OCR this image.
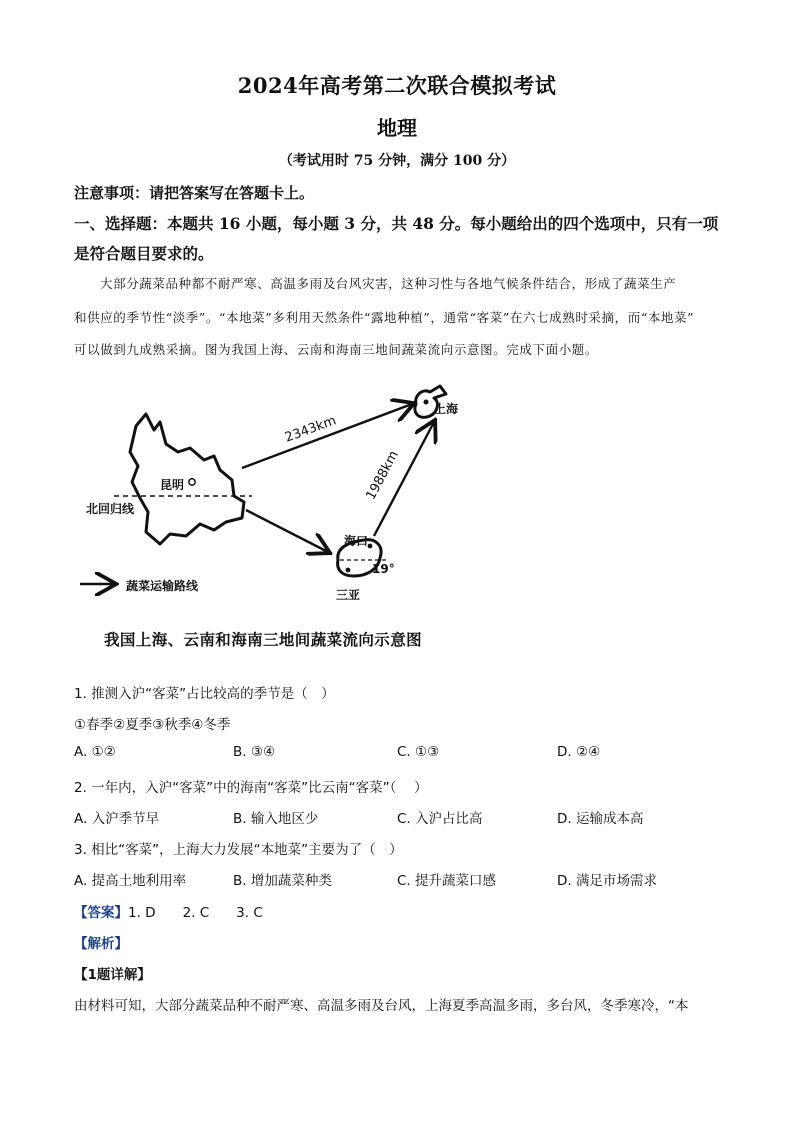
2024年高考第二次联合模拟考试
地理
（考试用时 75 分钟，满分 100 分）
注意事项：请把答案写在答题卡上。
一、选择题：本题共 16 小题，每小题 3 分，共 48 分。每小题给出的四个选项中，只有一项
是符合题目要求的。
大部分蔬菜品种都不耐严寒、高温多雨及台风灾害，这种习性与各地气候条件结合，形成了蔬菜生产
和供应的季节性“淡季”。“本地菜”多利用天然条件“露地种植”，通常“客菜”在六七成熟时采摘，而“本地菜”
可以做到九成熟采摘。图为我国上海、云南和海南三地间蔬菜流向示意图。完成下面小题。
上海
昆明
北回归线
海口
三亚
19°
2343km
1988km
蔬菜运输路线
我国上海、云南和海南三地间蔬菜流向示意图
1. 推测入沪“客菜”占比较高的季节是（　）
①春季②夏季③秋季④冬季
A. ①②	B. ③④	C. ①③	D. ②④
2. 一年内，入沪“客菜”中的海南“客菜”比云南“客菜”（　 ）
A. 入沪季节早	B. 输入地区少	C. 入沪占比高	D. 运输成本高
3. 相比“客菜”，上海大力发展“本地菜”主要为了（　）
A. 提高土地利用率	B. 增加蔬菜种类	C. 提升蔬菜口感	D. 满足市场需求
【答案】1. D　　2. C　　3. C
【解析】
【1题详解】
由材料可知，大部分蔬菜品种不耐严寒、高温多雨及台风，上海夏季高温多雨，多台风，冬季寒冷，“本
